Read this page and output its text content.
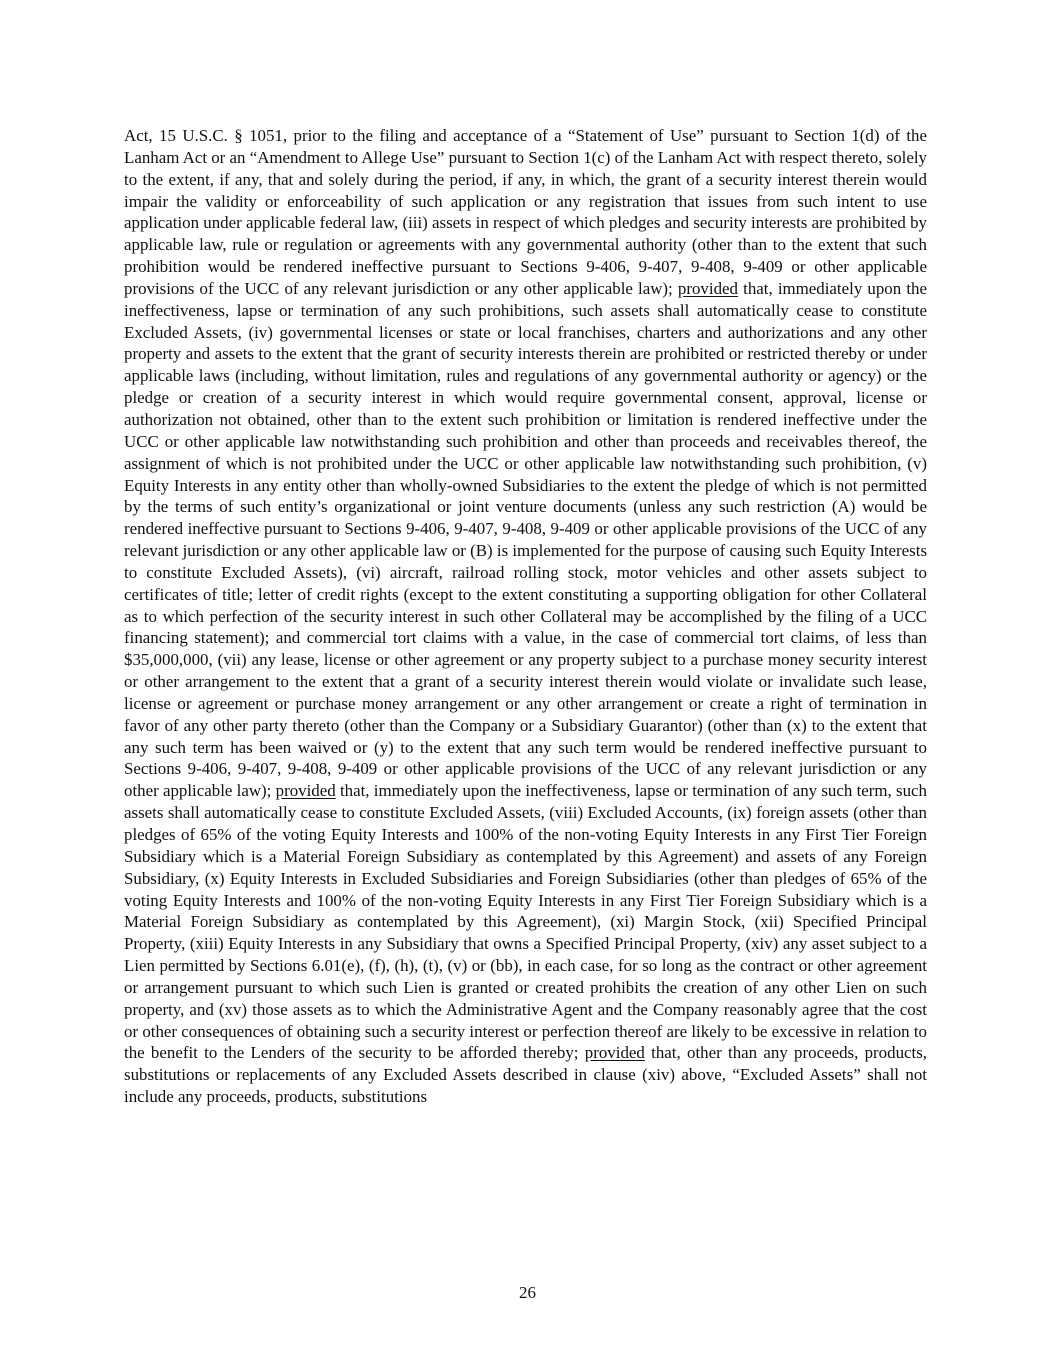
Act, 15 U.S.C. § 1051, prior to the filing and acceptance of a “Statement of Use” pursuant to Section 1(d) of the Lanham Act or an “Amendment to Allege Use” pursuant to Section 1(c) of the Lanham Act with respect thereto, solely to the extent, if any, that and solely during the period, if any, in which, the grant of a security interest therein would impair the validity or enforceability of such application or any registration that issues from such intent to use application under applicable federal law, (iii) assets in respect of which pledges and security interests are prohibited by applicable law, rule or regulation or agreements with any governmental authority (other than to the extent that such prohibition would be rendered ineffective pursuant to Sections 9-406, 9-407, 9-408, 9-409 or other applicable provisions of the UCC of any relevant jurisdiction or any other applicable law); provided that, immediately upon the ineffectiveness, lapse or termination of any such prohibitions, such assets shall automatically cease to constitute Excluded Assets, (iv) governmental licenses or state or local franchises, charters and authorizations and any other property and assets to the extent that the grant of security interests therein are prohibited or restricted thereby or under applicable laws (including, without limitation, rules and regulations of any governmental authority or agency) or the pledge or creation of a security interest in which would require governmental consent, approval, license or authorization not obtained, other than to the extent such prohibition or limitation is rendered ineffective under the UCC or other applicable law notwithstanding such prohibition and other than proceeds and receivables thereof, the assignment of which is not prohibited under the UCC or other applicable law notwithstanding such prohibition, (v) Equity Interests in any entity other than wholly-owned Subsidiaries to the extent the pledge of which is not permitted by the terms of such entity’s organizational or joint venture documents (unless any such restriction (A) would be rendered ineffective pursuant to Sections 9-406, 9-407, 9-408, 9-409 or other applicable provisions of the UCC of any relevant jurisdiction or any other applicable law or (B) is implemented for the purpose of causing such Equity Interests to constitute Excluded Assets), (vi) aircraft, railroad rolling stock, motor vehicles and other assets subject to certificates of title; letter of credit rights (except to the extent constituting a supporting obligation for other Collateral as to which perfection of the security interest in such other Collateral may be accomplished by the filing of a UCC financing statement); and commercial tort claims with a value, in the case of commercial tort claims, of less than $35,000,000, (vii) any lease, license or other agreement or any property subject to a purchase money security interest or other arrangement to the extent that a grant of a security interest therein would violate or invalidate such lease, license or agreement or purchase money arrangement or any other arrangement or create a right of termination in favor of any other party thereto (other than the Company or a Subsidiary Guarantor) (other than (x) to the extent that any such term has been waived or (y) to the extent that any such term would be rendered ineffective pursuant to Sections 9-406, 9-407, 9-408, 9-409 or other applicable provisions of the UCC of any relevant jurisdiction or any other applicable law); provided that, immediately upon the ineffectiveness, lapse or termination of any such term, such assets shall automatically cease to constitute Excluded Assets, (viii) Excluded Accounts, (ix) foreign assets (other than pledges of 65% of the voting Equity Interests and 100% of the non-voting Equity Interests in any First Tier Foreign Subsidiary which is a Material Foreign Subsidiary as contemplated by this Agreement) and assets of any Foreign Subsidiary, (x) Equity Interests in Excluded Subsidiaries and Foreign Subsidiaries (other than pledges of 65% of the voting Equity Interests and 100% of the non-voting Equity Interests in any First Tier Foreign Subsidiary which is a Material Foreign Subsidiary as contemplated by this Agreement), (xi) Margin Stock, (xii) Specified Principal Property, (xiii) Equity Interests in any Subsidiary that owns a Specified Principal Property, (xiv) any asset subject to a Lien permitted by Sections 6.01(e), (f), (h), (t), (v) or (bb), in each case, for so long as the contract or other agreement or arrangement pursuant to which such Lien is granted or created prohibits the creation of any other Lien on such property, and (xv) those assets as to which the Administrative Agent and the Company reasonably agree that the cost or other consequences of obtaining such a security interest or perfection thereof are likely to be excessive in relation to the benefit to the Lenders of the security to be afforded thereby; provided that, other than any proceeds, products, substitutions or replacements of any Excluded Assets described in clause (xiv) above, “Excluded Assets” shall not include any proceeds, products, substitutions

26
